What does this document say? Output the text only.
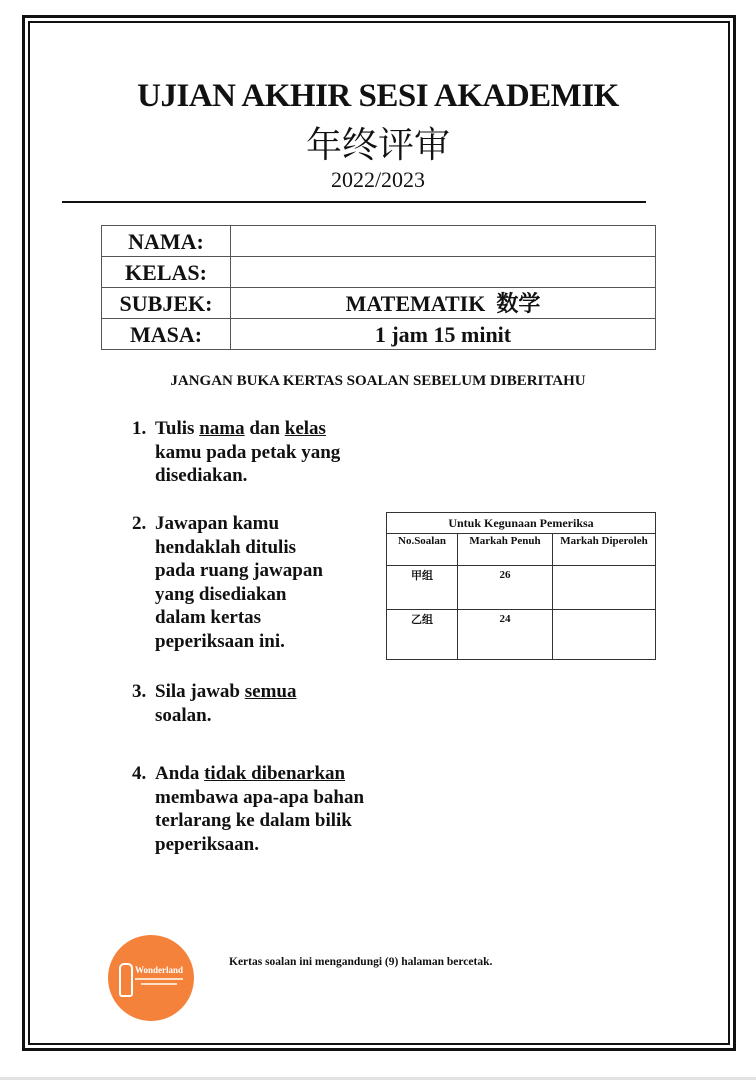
UJIAN AKHIR SESI AKADEMIK
年终评审
2022/2023
NAMA:	
KELAS:	
SUBJEK:	MATEMATIK  数学
MASA:	1 jam 15 minit
JANGAN BUKA KERTAS SOALAN SEBELUM DIBERITAHU
1. Tulis nama dan kelas kamu pada petak yang disediakan.
2. Jawapan kamu
hendaklah ditulis
pada ruang jawapan
yang disediakan
dalam kertas
peperiksaan ini.
3. Sila jawab semua soalan.
4. Anda tidak dibenarkan membawa apa-apa bahan terlarang ke dalam bilik peperiksaan.
Untuk Kegunaan Pemeriksa		
No.Soalan	Markah Penuh	Markah Diperoleh
甲组	26	
乙组	24	
Wonderland
Kertas soalan ini mengandungi (9) halaman bercetak.
